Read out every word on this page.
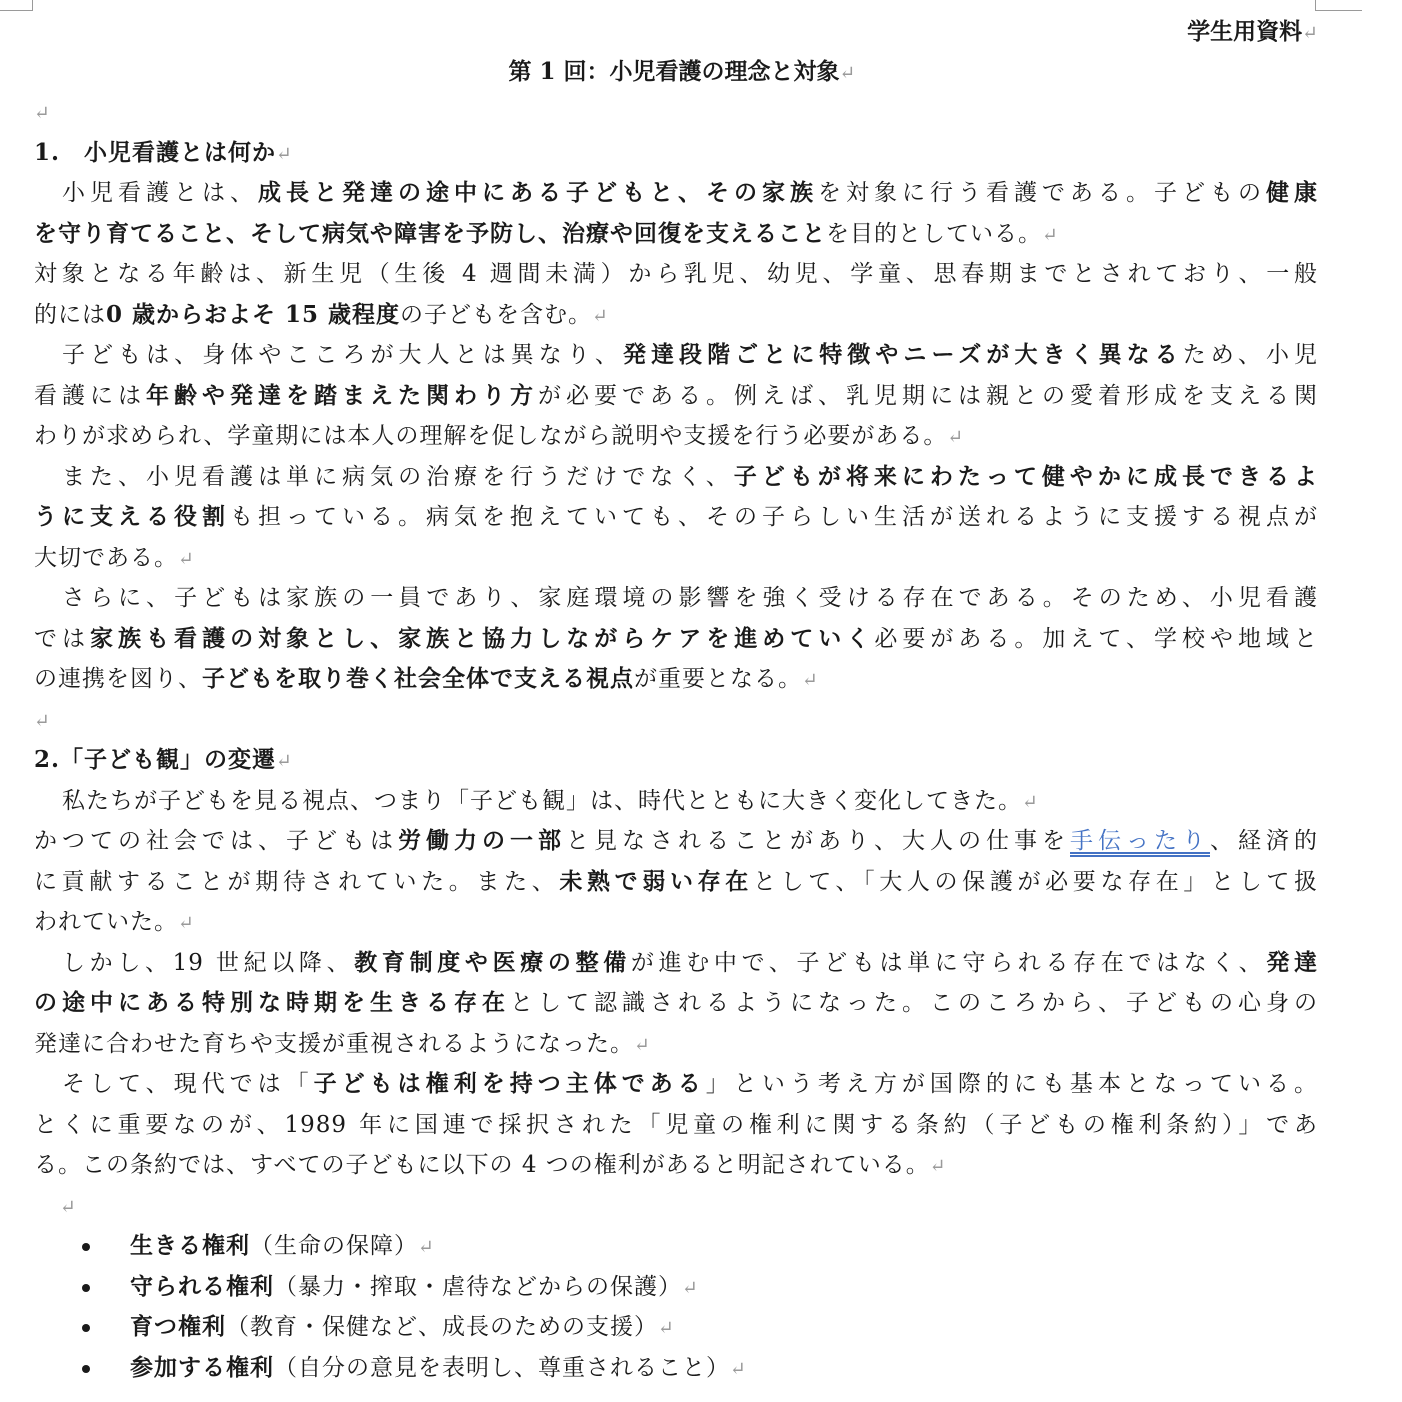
学生用資料↵
第 1 回：小児看護の理念と対象↵
↵
1.　小児看護とは何か↵
小児看護とは、成長と発達の途中にある子どもと、その家族を対象に行う看護である。子どもの健康
を守り育てること、そして病気や障害を予防し、治療や回復を支えることを目的としている。↵
対象となる年齢は、新生児（生後 4 週間未満）から乳児、幼児、学童、思春期までとされており、一般
的には0 歳からおよそ 15 歳程度の子どもを含む。↵
子どもは、身体やこころが大人とは異なり、発達段階ごとに特徴やニーズが大きく異なるため、小児
看護には年齢や発達を踏まえた関わり方が必要である。例えば、乳児期には親との愛着形成を支える関
わりが求められ、学童期には本人の理解を促しながら説明や支援を行う必要がある。↵
また、小児看護は単に病気の治療を行うだけでなく、子どもが将来にわたって健やかに成長できるよ
うに支える役割も担っている。病気を抱えていても、その子らしい生活が送れるように支援する視点が
大切である。↵
さらに、子どもは家族の一員であり、家庭環境の影響を強く受ける存在である。そのため、小児看護
では家族も看護の対象とし、家族と協力しながらケアを進めていく必要がある。加えて、学校や地域と
の連携を図り、子どもを取り巻く社会全体で支える視点が重要となる。↵
↵
2.「子ども観」の変遷↵
私たちが子どもを見る視点、つまり「子ども観」は、時代とともに大きく変化してきた。↵
かつての社会では、子どもは労働力の一部と見なされることがあり、大人の仕事を手伝ったり、経済的
に貢献することが期待されていた。また、未熟で弱い存在として、「大人の保護が必要な存在」として扱
われていた。↵
しかし、19 世紀以降、教育制度や医療の整備が進む中で、子どもは単に守られる存在ではなく、発達
の途中にある特別な時期を生きる存在として認識されるようになった。このころから、子どもの心身の
発達に合わせた育ちや支援が重視されるようになった。↵
そして、現代では「子どもは権利を持つ主体である」という考え方が国際的にも基本となっている。
とくに重要なのが、1989 年に国連で採択された「児童の権利に関する条約（子どもの権利条約）」であ
る。この条約では、すべての子どもに以下の 4 つの権利があると明記されている。↵
↵
生きる権利（生命の保障）↵
守られる権利（暴力・搾取・虐待などからの保護）↵
育つ権利（教育・保健など、成長のための支援）↵
参加する権利（自分の意見を表明し、尊重されること）↵
